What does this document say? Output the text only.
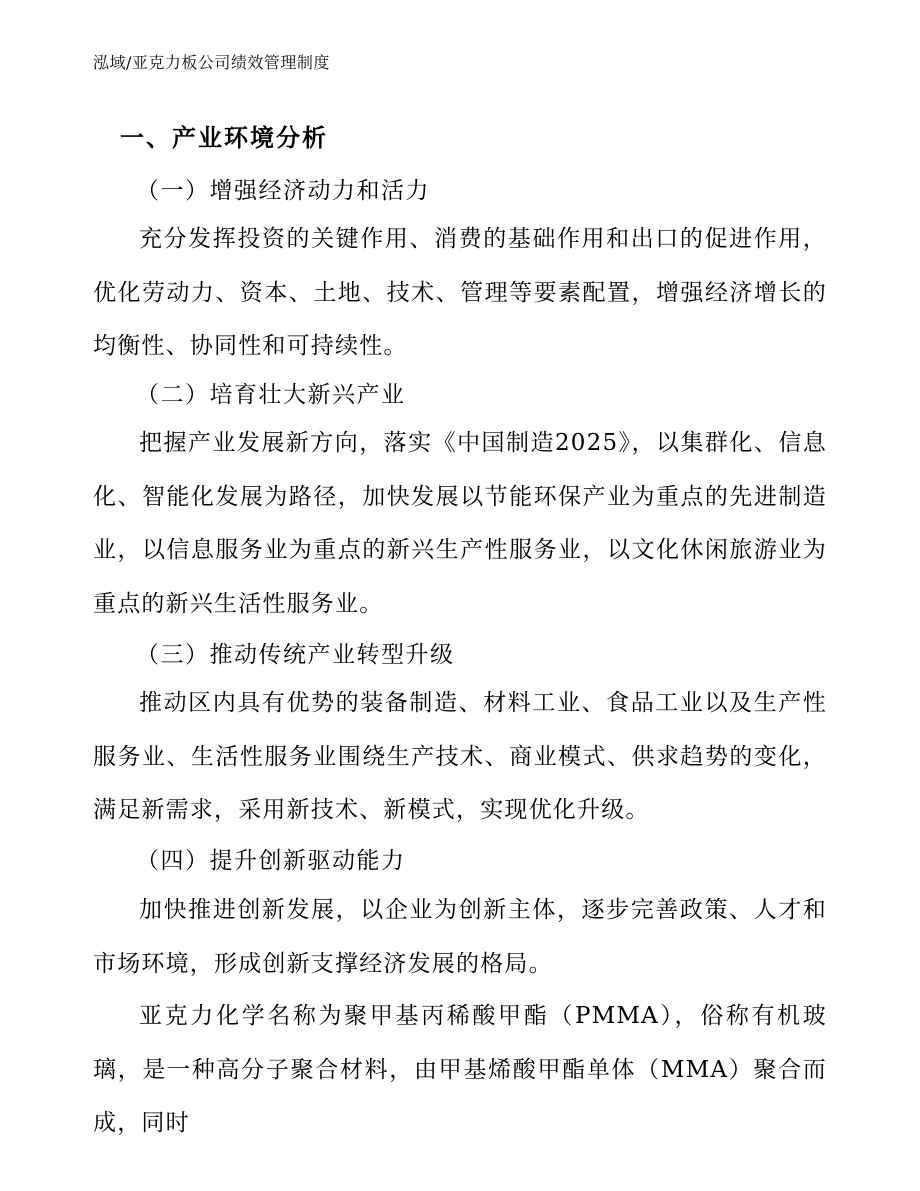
泓域/亚克力板公司绩效管理制度
一、产业环境分析
（一）增强经济动力和活力
充分发挥投资的关键作用、消费的基础作用和出口的促进作用，优化劳动力、资本、土地、技术、管理等要素配置，增强经济增长的均衡性、协同性和可持续性。
（二）培育壮大新兴产业
把握产业发展新方向，落实《中国制造2025》，以集群化、信息化、智能化发展为路径，加快发展以节能环保产业为重点的先进制造业，以信息服务业为重点的新兴生产性服务业，以文化休闲旅游业为重点的新兴生活性服务业。
（三）推动传统产业转型升级
推动区内具有优势的装备制造、材料工业、食品工业以及生产性服务业、生活性服务业围绕生产技术、商业模式、供求趋势的变化，满足新需求，采用新技术、新模式，实现优化升级。
（四）提升创新驱动能力
加快推进创新发展，以企业为创新主体，逐步完善政策、人才和市场环境，形成创新支撑经济发展的格局。
亚克力化学名称为聚甲基丙稀酸甲酯（PMMA），俗称有机玻璃，是一种高分子聚合材料，由甲基烯酸甲酯单体（MMA）聚合而成，同时
